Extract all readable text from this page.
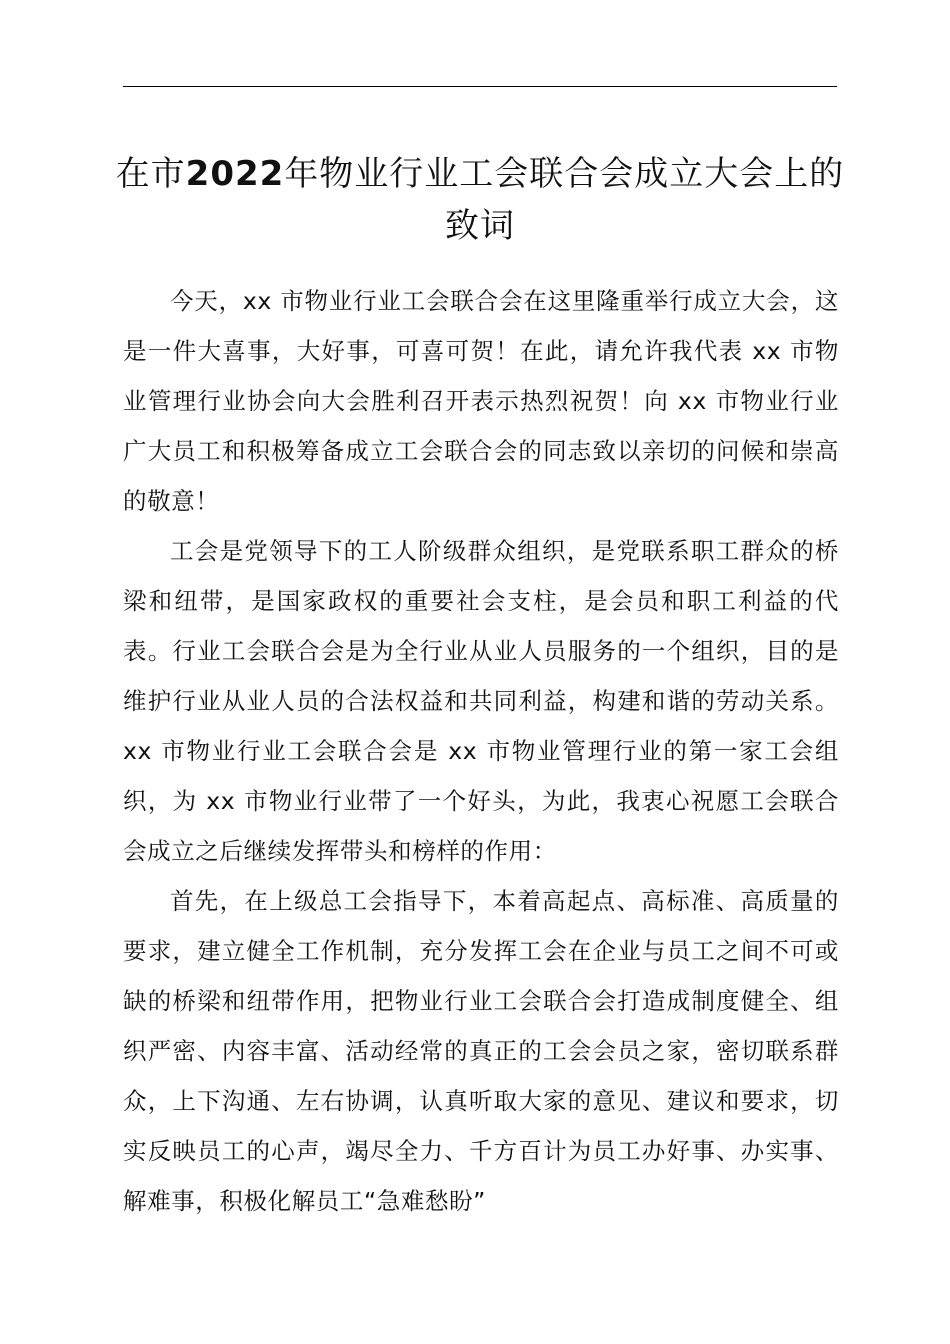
在市2022年物业行业工会联合会成立大会上的致词

今天，xx 市物业行业工会联合会在这里隆重举行成立大会，这是一件大喜事，大好事，可喜可贺！在此，请允许我代表 xx 市物业管理行业协会向大会胜利召开表示热烈祝贺！向 xx 市物业行业广大员工和积极筹备成立工会联合会的同志致以亲切的问候和崇高的敬意！

工会是党领导下的工人阶级群众组织，是党联系职工群众的桥梁和纽带，是国家政权的重要社会支柱，是会员和职工利益的代表。行业工会联合会是为全行业从业人员服务的一个组织，目的是维护行业从业人员的合法权益和共同利益，构建和谐的劳动关系。xx 市物业行业工会联合会是 xx 市物业管理行业的第一家工会组织，为 xx 市物业行业带了一个好头，为此，我衷心祝愿工会联合会成立之后继续发挥带头和榜样的作用：

首先，在上级总工会指导下，本着高起点、高标准、高质量的要求，建立健全工作机制，充分发挥工会在企业与员工之间不可或缺的桥梁和纽带作用，把物业行业工会联合会打造成制度健全、组织严密、内容丰富、活动经常的真正的工会会员之家，密切联系群众，上下沟通、左右协调，认真听取大家的意见、建议和要求，切实反映员工的心声，竭尽全力、千方百计为员工办好事、办实事、解难事，积极化解员工“急难愁盼”
